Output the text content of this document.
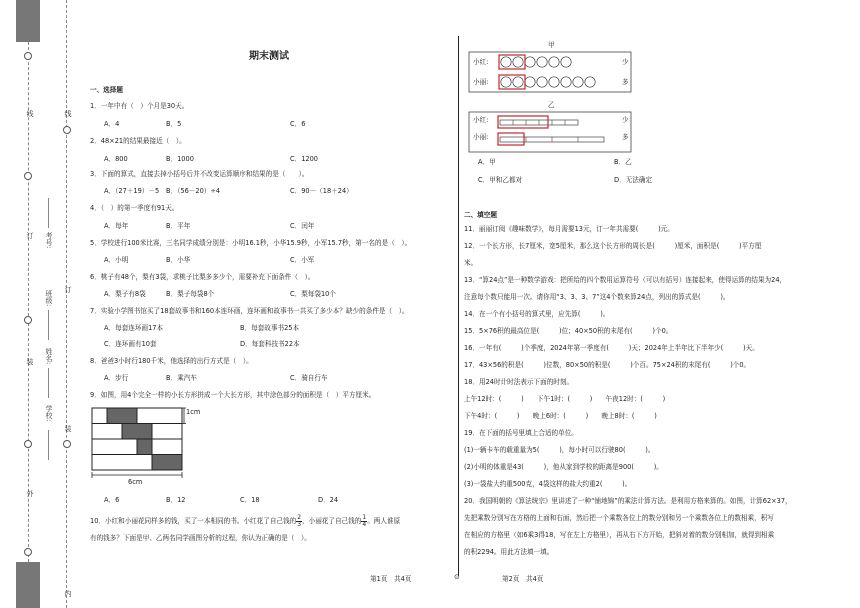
线
订
装
外
线
订
装
内
学校:
姓名:
班级:
考号:
期末测试
一、选择题
1．一年中有（　）个月是30天。
A．4	B．5	C．6
2．48×21的结果最接近（　）。
A．800	B．1000	C．1200
3．下面的算式，直接去掉小括号后并不改变运算顺序和结果的是（　　）。
A．（27＋19）－5 B．（56－20）÷4	C．90－（18＋24）
4．（　）的第一季度有91天。
A．每年	B．平年	C．闰年
5．学校进行100米比赛，三名同学成绩分别是：小明16.1秒，小华15.9秒，小军15.7秒，第一名的是（　）。
A．小明	B．小华	C．小军
6．桃子有48个，梨有3袋，求桃子比梨多多少个，需要补充下面条件（　）。
A．梨子有8袋	B．梨子每袋8个	C．梨每袋10个
7．实验小学图书馆买了18套故事书和160本连环画，连环画和故事书一共买了多少本？缺少的条件是（　）。
A．每套连环画17本	B．每套故事书25本
C．连环画有10套	D．每套科技书22本
8．爸爸3小时行180千米，他选择的出行方式是（　）。
A．步行	B．乘汽车	C．骑自行车
9．如图，用4个完全一样的小长方形拼成一个大长方形，其中涂色部分的面积是（　）平方厘米。
1cm
6cm
A．6	B．12	C．18	D．24
10．小红和小丽花同样多的钱，买了一本相同的书。小红花了自己钱的 $\frac{2}{3}$ ，小丽花了自己钱的 $\frac{1}{4}$ 。两人谁原
有的钱多？下面是甲、乙两名同学画图分析的过程，你认为正确的是（　）。
第1页　共4页	⊙
甲
小红:
小丽:
少
多
乙
小红:
小丽:
少
多
A．甲	B．乙
C．甲和乙都对	D．无法确定
二、填空题
11．丽丽订阅《趣味数学》，每月需要13元，订一年共需要(　　　)元。
12．一个长方形，长7厘米，宽5厘米，那么这个长方形的周长是(　　　)厘米，面积是(　　　)平方厘
米。
13．“算24点”是一种数学游戏：把所给的四个数用运算符号（可以有括号）连接起来，使得运算的结果为24，
注意每个数只能用一次。请你用“3、3、3、7”这4个数来算24点，列出的算式是(　　　)。
14．在一个有小括号的算式里，应先算(　　　)。
15．5×76积的最高位是(　　　)位；40×50积的末尾有(　　　)个0。
16．一年有(　　　)个季度，2024年第一季度有(　　　)天；2024年上半年比下半年少(　　　)天。
17．43×56的积是(　　　)位数，80×50的积是(　　　)个百。75×24积的末尾有(　　　)个0。
18．用24时计时法表示下面的时刻。
上午12时：(　　　)　　下午1时：(　　　)　　午夜12时：(　　　)
下午4时：(　　　)　　晚上6时：(　　　)　　晚上8时：(　　　)
19．在下面的括号里填上合适的单位。
(1)一辆卡车的载重量为5(　　　)，每小时可以行驶80(　　　)。
(2)小明的体重是43(　　　)，他从家到学校的距离是900(　　　)。
(3)一袋盐大约重500克，4袋这样的盐大约重2(　　　)。
20．我国明朝的《算法统宗》里讲述了一种“铺地锦”的乘法计算方法。是利用方格来算的。如图，计算62×37，
先把乘数分别写在方格的上面和右面，然后把一个乘数各位上的数分别和另一个乘数各位上的数相乘，积写
在相应的方格里（如6乘3得18，写在左上方格里），再从右下方开始，把斜对着的数分别相加，就得到相乘
的积2294。用此方法填一填。
第2页　共4页
